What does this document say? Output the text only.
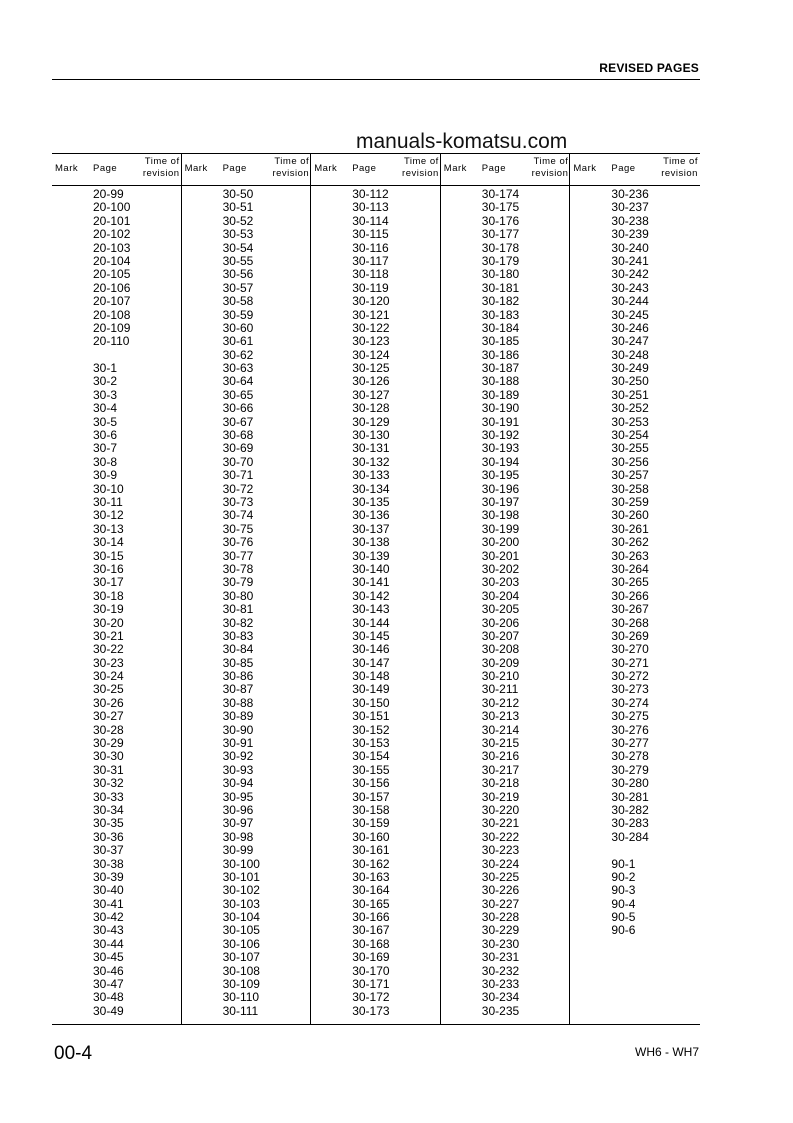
REVISED PAGES
manuals-komatsu.com
Mark Page
Time of
revision
20-99
20-100
20-101
20-102
20-103
20-104
20-105
20-106
20-107
20-108
20-109
20-110
30-1
30-2
30-3
30-4
30-5
30-6
30-7
30-8
30-9
30-10
30-11
30-12
30-13
30-14
30-15
30-16
30-17
30-18
30-19
30-20
30-21
30-22
30-23
30-24
30-25
30-26
30-27
30-28
30-29
30-30
30-31
30-32
30-33
30-34
30-35
30-36
30-37
30-38
30-39
30-40
30-41
30-42
30-43
30-44
30-45
30-46
30-47
30-48
30-49
Mark Page
Time of
revision
30-50
30-51
30-52
30-53
30-54
30-55
30-56
30-57
30-58
30-59
30-60
30-61
30-62
30-63
30-64
30-65
30-66
30-67
30-68
30-69
30-70
30-71
30-72
30-73
30-74
30-75
30-76
30-77
30-78
30-79
30-80
30-81
30-82
30-83
30-84
30-85
30-86
30-87
30-88
30-89
30-90
30-91
30-92
30-93
30-94
30-95
30-96
30-97
30-98
30-99
30-100
30-101
30-102
30-103
30-104
30-105
30-106
30-107
30-108
30-109
30-110
30-111
Mark Page
Time of
revision
30-112
30-113
30-114
30-115
30-116
30-117
30-118
30-119
30-120
30-121
30-122
30-123
30-124
30-125
30-126
30-127
30-128
30-129
30-130
30-131
30-132
30-133
30-134
30-135
30-136
30-137
30-138
30-139
30-140
30-141
30-142
30-143
30-144
30-145
30-146
30-147
30-148
30-149
30-150
30-151
30-152
30-153
30-154
30-155
30-156
30-157
30-158
30-159
30-160
30-161
30-162
30-163
30-164
30-165
30-166
30-167
30-168
30-169
30-170
30-171
30-172
30-173
Mark Page
Time of
revision
30-174
30-175
30-176
30-177
30-178
30-179
30-180
30-181
30-182
30-183
30-184
30-185
30-186
30-187
30-188
30-189
30-190
30-191
30-192
30-193
30-194
30-195
30-196
30-197
30-198
30-199
30-200
30-201
30-202
30-203
30-204
30-205
30-206
30-207
30-208
30-209
30-210
30-211
30-212
30-213
30-214
30-215
30-216
30-217
30-218
30-219
30-220
30-221
30-222
30-223
30-224
30-225
30-226
30-227
30-228
30-229
30-230
30-231
30-232
30-233
30-234
30-235
Mark Page
Time of
revision
30-236
30-237
30-238
30-239
30-240
30-241
30-242
30-243
30-244
30-245
30-246
30-247
30-248
30-249
30-250
30-251
30-252
30-253
30-254
30-255
30-256
30-257
30-258
30-259
30-260
30-261
30-262
30-263
30-264
30-265
30-266
30-267
30-268
30-269
30-270
30-271
30-272
30-273
30-274
30-275
30-276
30-277
30-278
30-279
30-280
30-281
30-282
30-283
30-284
90-1
90-2
90-3
90-4
90-5
90-6
00-4	WH6 - WH7
